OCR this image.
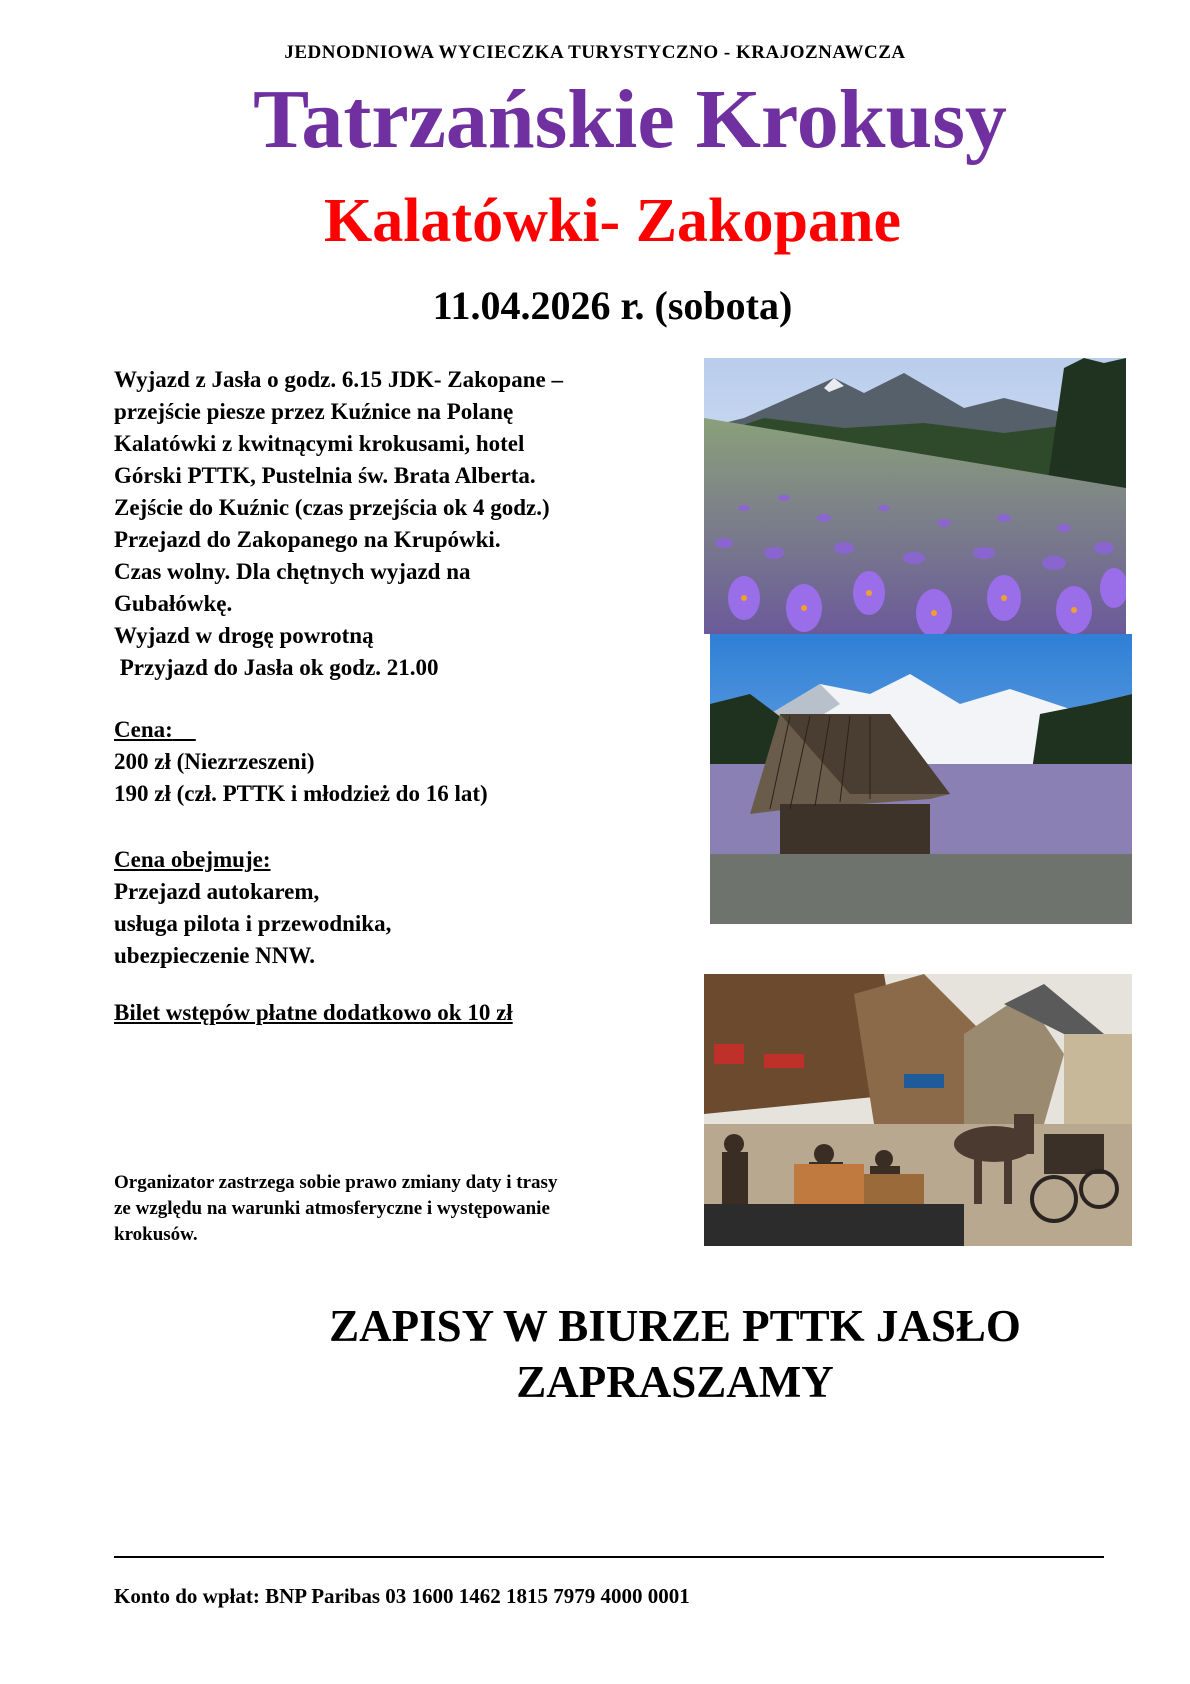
JEDNODNIOWA WYCIECZKA TURYSTYCZNO - KRAJOZNAWCZA
Tatrzańskie Krokusy
Kalatówki- Zakopane
11.04.2026 r. (sobota)
Wyjazd z Jasła o godz. 6.15 JDK- Zakopane –
przejście piesze przez Kuźnice na Polanę
Kalatówki z kwitnącymi krokusami, hotel
Górski PTTK, Pustelnia św. Brata Alberta.
Zejście do Kuźnic (czas przejścia ok 4 godz.)
Przejazd do Zakopanego na Krupówki.
Czas wolny. Dla chętnych wyjazd na
Gubałówkę.
Wyjazd w drogę powrotną
Przyjazd do Jasła ok godz. 21.00
Cena:
200 zł (Niezrzeszeni)
190 zł (czł. PTTK i młodzież do 16 lat)
Cena obejmuje:
Przejazd autokarem,
usługa pilota i przewodnika,
ubezpieczenie NNW.
Bilet wstępów płatne dodatkowo ok 10 zł
Organizator zastrzega sobie prawo zmiany daty i trasy
ze względu na warunki atmosferyczne i występowanie
krokusów.
ZAPISY W BIURZE PTTK JASŁO
ZAPRASZAMY
Konto do wpłat: BNP Paribas 03 1600 1462 1815 7979 4000 0001
